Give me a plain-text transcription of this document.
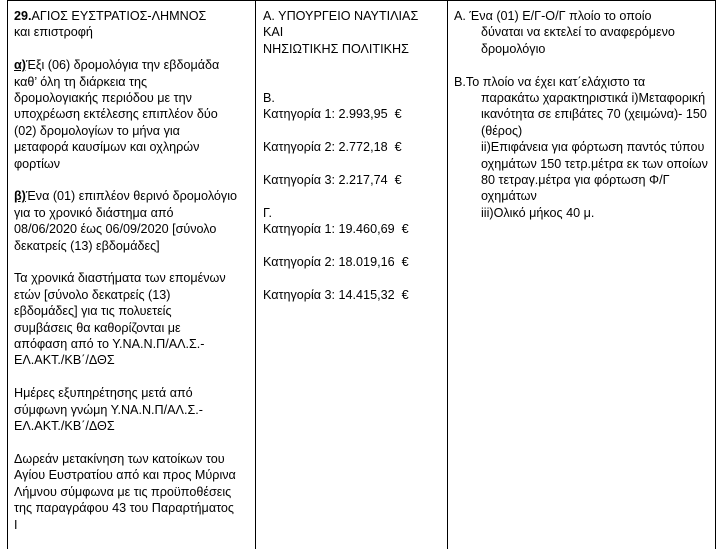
29.ΑΓΙΟΣ ΕΥΣΤΡΑΤΙΟΣ-ΛΗΜΝΟΣ
και επιστροφή
α)Έξι (06) δρομολόγια την εβδομάδα
καθ’ όλη τη διάρκεια της
δρομολογιακής περιόδου με την
υποχρέωση εκτέλεσης επιπλέον δύο
(02) δρομολογίων το μήνα για
μεταφορά καυσίμων και οχληρών
φορτίων
β)Ένα (01) επιπλέον θερινό δρομολόγιο
για το χρονικό διάστημα από
08/06/2020 έως 06/09/2020 [σύνολο
δεκατρείς (13) εβδομάδες]
Τα χρονικά διαστήματα των επομένων
ετών [σύνολο δεκατρείς (13)
εβδομάδες] για τις πολυετείς
συμβάσεις θα καθορίζονται με
απόφαση από το Υ.ΝΑ.Ν.Π/ΑΛ.Σ.-
ΕΛ.ΑΚΤ./ΚΒ΄/ΔΘΣ
Ημέρες εξυπηρέτησης μετά από
σύμφωνη γνώμη Υ.ΝΑ.Ν.Π/ΑΛ.Σ.-
ΕΛ.ΑΚΤ./ΚΒ΄/ΔΘΣ
Δωρεάν μετακίνηση των κατοίκων του
Αγίου Ευστρατίου από και προς Μύρινα
Λήμνου σύμφωνα με τις προϋποθέσεις
της παραγράφου 43 του Παραρτήματος
Ι
Α. ΥΠΟΥΡΓΕΙΟ ΝΑΥΤΙΛΙΑΣ ΚΑΙ
ΝΗΣΙΩΤΙΚΗΣ ΠΟΛΙΤΙΚΗΣ
Β.
Κατηγορία 1: 2.993,95  €
Κατηγορία 2: 2.772,18  €
Κατηγορία 3: 2.217,74  €
Γ.
Κατηγορία 1: 19.460,69  €
Κατηγορία 2: 18.019,16  €
Κατηγορία 3: 14.415,32  €
Α. Ένα (01) Ε/Γ-Ο/Γ πλοίο το οποίο
δύναται να εκτελεί το αναφερόμενο
δρομολόγιο
Β.Το πλοίο να έχει κατ΄ελάχιστο τα
παρακάτω χαρακτηριστικά i)Μεταφορική
ικανότητα σε επιβάτες 70 (χειμώνα)- 150
(θέρος)
ii)Επιφάνεια για φόρτωση παντός τύπου
οχημάτων 150 τετρ.μέτρα εκ των οποίων
80 τετραγ.μέτρα για φόρτωση Φ/Γ
οχημάτων
iii)Ολικό μήκος 40 μ.
